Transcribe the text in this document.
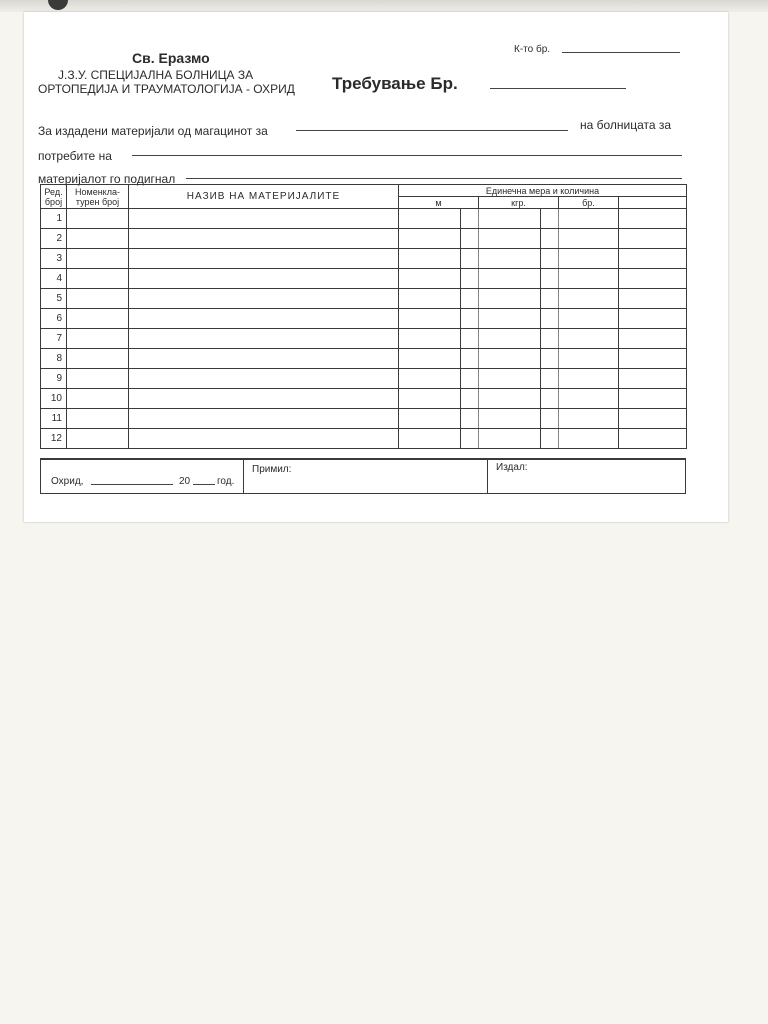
Св. Еразмо
Ј.З.У. СПЕЦИЈАЛНА БОЛНИЦА ЗА
ОРТОПЕДИЈА И ТРАУМАТОЛОГИЈА - ОХРИД Требување Бр.
К-то бр.
За издадени материјали од магацинот за	на болницата за
потребите на
материјалот го подигнал
Ред. број	Номенкла- турен број	НАЗИВ НА МАТЕРИЈАЛИТЕ	Единечна мера и количина					
			м		кгр.		бр.	
1								
2								
3								
4								
5								
6								
7								
8								
9								
10								
11								
12								
Охрид,	20	год.
Примил:	Издал:
